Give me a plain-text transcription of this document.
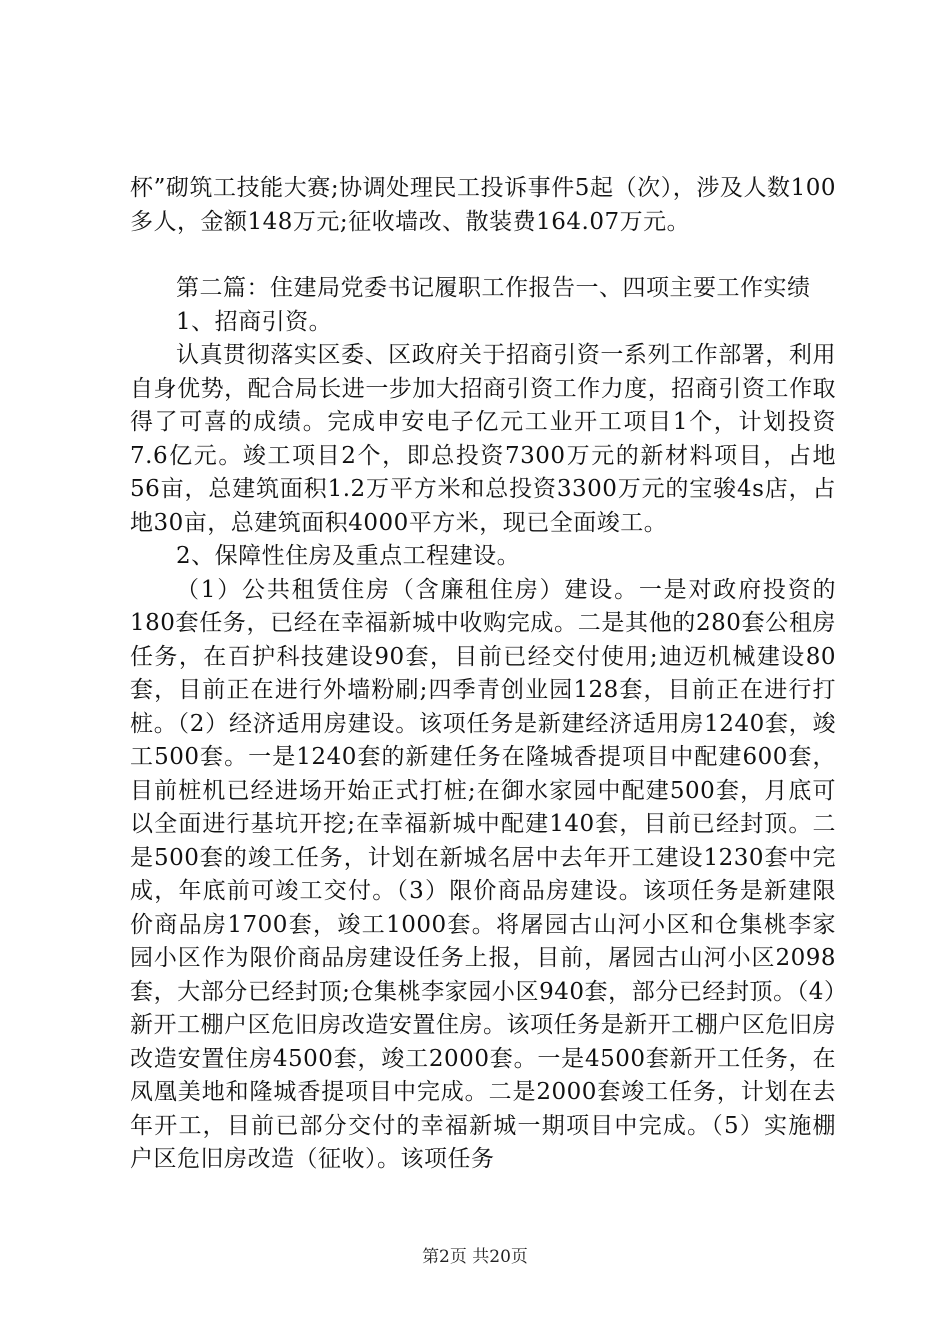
杯”砌筑工技能大赛;协调处理民工投诉事件5起（次），涉及人数100多人，金额148万元;征收墙改、散装费164.07万元。

第二篇：住建局党委书记履职工作报告一、四项主要工作实绩

1、招商引资。

认真贯彻落实区委、区政府关于招商引资一系列工作部署，利用自身优势，配合局长进一步加大招商引资工作力度，招商引资工作取得了可喜的成绩。完成申安电子亿元工业开工项目1个，计划投资7.6亿元。竣工项目2个，即总投资7300万元的新材料项目，占地56亩，总建筑面积1.2万平方米和总投资3300万元的宝骏4s店，占地30亩，总建筑面积4000平方米，现已全面竣工。

2、保障性住房及重点工程建设。

（1）公共租赁住房（含廉租住房）建设。一是对政府投资的180套任务，已经在幸福新城中收购完成。二是其他的280套公租房任务，在百护科技建设90套，目前已经交付使用;迪迈机械建设80套，目前正在进行外墙粉刷;四季青创业园128套，目前正在进行打桩。（2）经济适用房建设。该项任务是新建经济适用房1240套，竣工500套。一是1240套的新建任务在隆城香提项目中配建600套，目前桩机已经进场开始正式打桩;在御水家园中配建500套，月底可以全面进行基坑开挖;在幸福新城中配建140套，目前已经封顶。二是500套的竣工任务，计划在新城名居中去年开工建设1230套中完成，年底前可竣工交付。（3）限价商品房建设。该项任务是新建限价商品房1700套，竣工1000套。将屠园古山河小区和仓集桃李家园小区作为限价商品房建设任务上报，目前，屠园古山河小区2098套，大部分已经封顶;仓集桃李家园小区940套，部分已经封顶。（4）新开工棚户区危旧房改造安置住房。该项任务是新开工棚户区危旧房改造安置住房4500套，竣工2000套。一是4500套新开工任务，在凤凰美地和隆城香提项目中完成。二是2000套竣工任务，计划在去年开工，目前已部分交付的幸福新城一期项目中完成。（5）实施棚户区危旧房改造（征收）。该项任务

第2页 共20页
